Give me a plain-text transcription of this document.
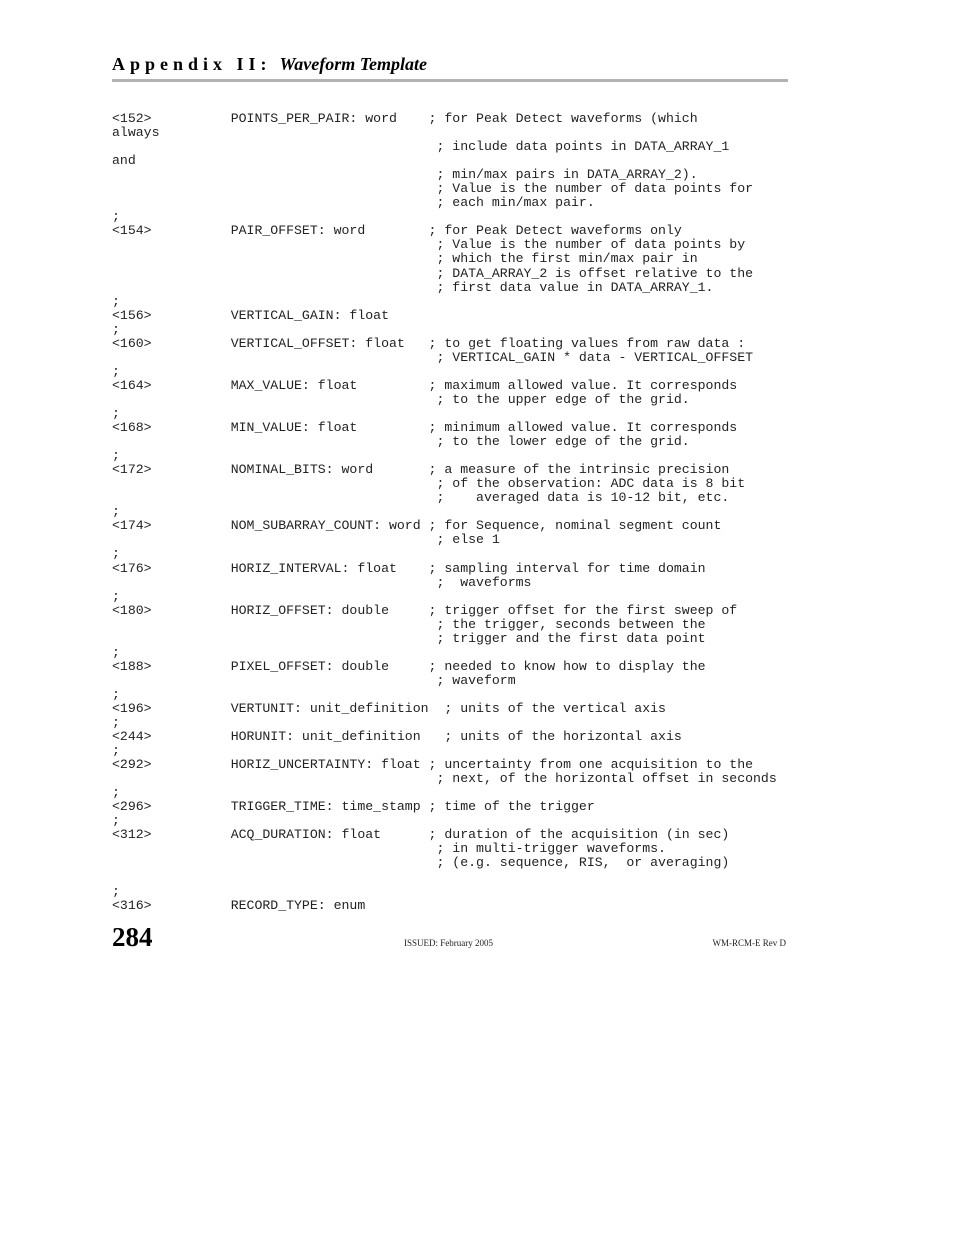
Appendix II: Waveform Template
<152>          POINTS_PER_PAIR: word    ; for Peak Detect waveforms (which
always
; include data points in DATA_ARRAY_1
and
; min/max pairs in DATA_ARRAY_2).
; Value is the number of data points for
; each min/max pair.
;
<154>          PAIR_OFFSET: word        ; for Peak Detect waveforms only
; Value is the number of data points by
; which the first min/max pair in
; DATA_ARRAY_2 is offset relative to the
; first data value in DATA_ARRAY_1.
;
<156>          VERTICAL_GAIN: float
;
<160>          VERTICAL_OFFSET: float   ; to get floating values from raw data :
; VERTICAL_GAIN * data - VERTICAL_OFFSET
;
<164>          MAX_VALUE: float         ; maximum allowed value. It corresponds
; to the upper edge of the grid.
;
<168>          MIN_VALUE: float         ; minimum allowed value. It corresponds
; to the lower edge of the grid.
;
<172>          NOMINAL_BITS: word       ; a measure of the intrinsic precision
; of the observation: ADC data is 8 bit
;    averaged data is 10-12 bit, etc.
;
<174>          NOM_SUBARRAY_COUNT: word ; for Sequence, nominal segment count
; else 1
;
<176>          HORIZ_INTERVAL: float    ; sampling interval for time domain
;  waveforms
;
<180>          HORIZ_OFFSET: double     ; trigger offset for the first sweep of
; the trigger, seconds between the
; trigger and the first data point
;
<188>          PIXEL_OFFSET: double     ; needed to know how to display the
; waveform
;
<196>          VERTUNIT: unit_definition  ; units of the vertical axis
;
<244>          HORUNIT: unit_definition   ; units of the horizontal axis
;
<292>          HORIZ_UNCERTAINTY: float ; uncertainty from one acquisition to the
; next, of the horizontal offset in seconds
;
<296>          TRIGGER_TIME: time_stamp ; time of the trigger
;
<312>          ACQ_DURATION: float      ; duration of the acquisition (in sec)
; in multi-trigger waveforms.
; (e.g. sequence, RIS,  or averaging)
;
<316>          RECORD_TYPE: enum
284	ISSUED: February 2005	WM-RCM-E Rev D
